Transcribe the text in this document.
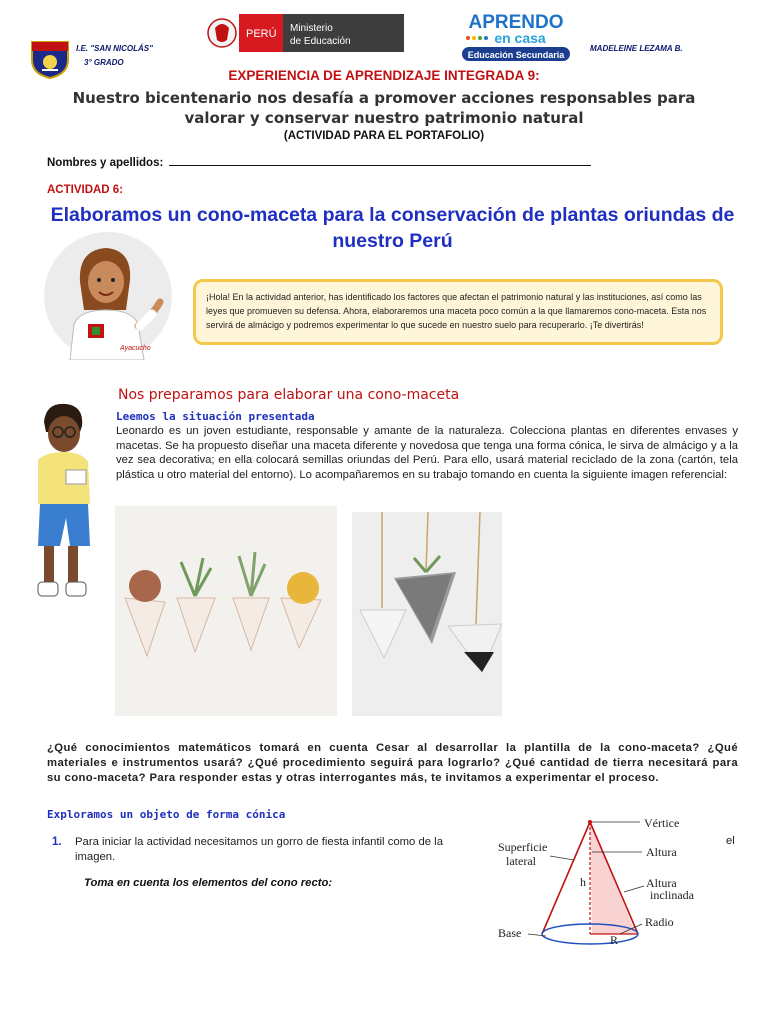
I.E. "SAN NICOLÁS"
3° GRADO
PERÚ Ministerio
de Educación
APRENDO
en casa
Educación Secundaria
MADELEINE LEZAMA B.
EXPERIENCIA DE APRENDIZAJE INTEGRADA 9:
Nuestro bicentenario nos desafía a promover acciones responsables para valorar y conservar nuestro patrimonio natural
(ACTIVIDAD PARA EL PORTAFOLIO)
Nombres y apellidos:
ACTIVIDAD 6:
Elaboramos un cono-maceta para la conservación de plantas oriundas de nuestro Perú
Ayacucho
¡Hola! En la actividad anterior, has identificado los factores que afectan el patrimonio natural y las instituciones, así como las leyes que promueven su defensa. Ahora, elaboraremos una maceta poco común a la que llamaremos cono-maceta. Esta nos servirá de almácigo y podremos experimentar lo que sucede en nuestro suelo para recuperarlo. ¡Te divertirás!
Nos preparamos para elaborar una cono-maceta
Leemos la situación presentada
Leonardo es un joven estudiante, responsable y amante de la naturaleza. Colecciona plantas en diferentes envases y macetas. Se ha propuesto diseñar una maceta diferente y novedosa que tenga una forma cónica, le sirva de almácigo y a la vez sea decorativa; en ella colocará semillas oriundas del Perú. Para ello, usará material reciclado de la zona (cartón, tela plástica u otro material del entorno). Lo acompañaremos en su trabajo tomando en cuenta la siguiente imagen referencial:
¿Qué conocimientos matemáticos tomará en cuenta Cesar al desarrollar la plantilla de la cono-maceta? ¿Qué materiales e instrumentos usará? ¿Qué procedimiento seguirá para lograrlo? ¿Qué cantidad de tierra necesitará para su cono-maceta? Para responder estas y otras interrogantes más, te invitamos a experimentar el proceso.
Exploramos un objeto de forma cónica
1. Para iniciar la actividad necesitamos un gorro de fiesta infantil como de la imagen.
el
Toma en cuenta los elementos del cono recto:	h
R
Vértice
Altura
Altura
inclinada
Radio
Superficie
lateral
Base
